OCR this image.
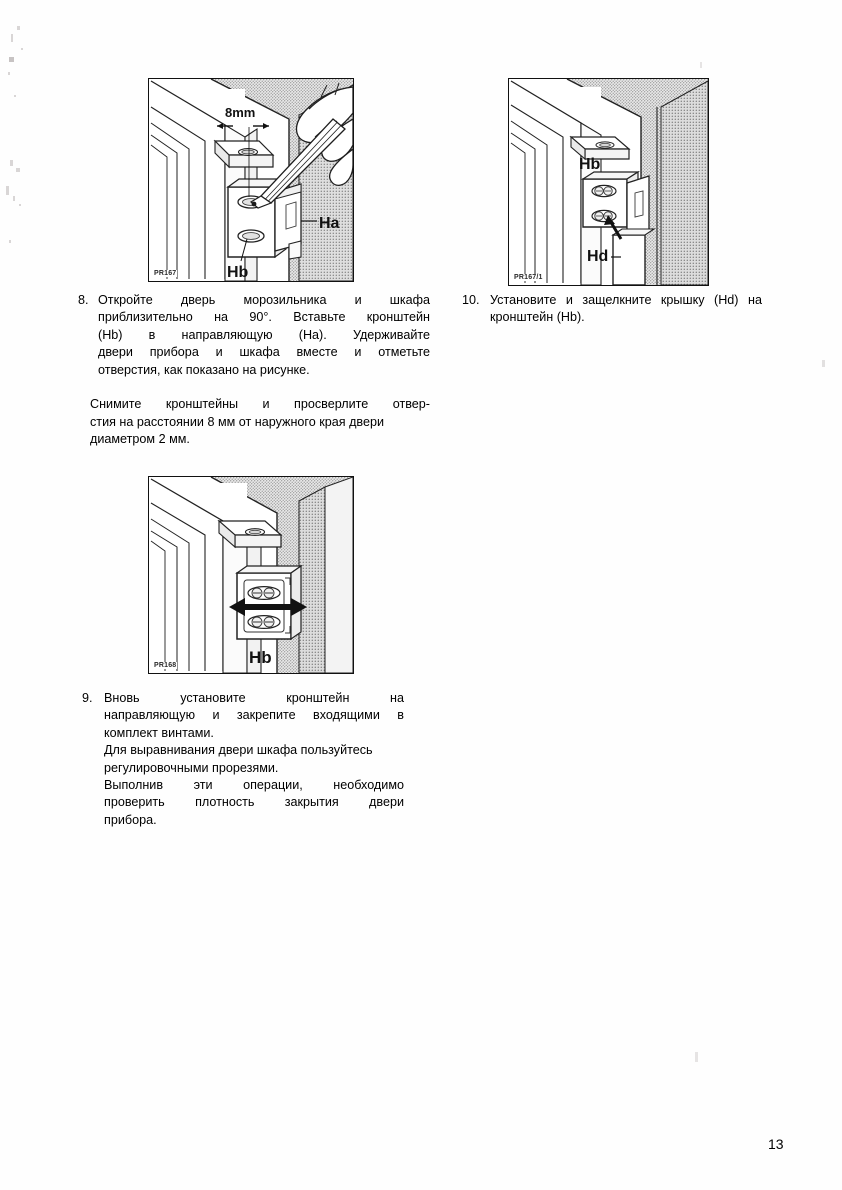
8mm
Ha
Hb
PR167
Hb
Hd
PR167/1
Hb
PR168
8. Откройте дверь морозильника и шкафа
приблизительно на 90°. Вставьте кронштейн
(Hb) в направляющую (Ha). Удерживайте
двери прибора и шкафа вместе и отметьте
отверстия, как показано на рисунке.
Снимите кронштейны и просверлите отвер-
стия на расстоянии 8 мм от наружного края двери
диаметром 2 мм.
10. Установите и защелкните крышку (Hd) на
кронштейн (Hb).
9. Вновь	установите	кронштейн	на
направляющую и закрепите входящими в
комплект винтами.
Для выравнивания двери шкафа пользуйтесь
регулировочными прорезями.
Выполнив эти операции, необходимо
проверить плотность закрытия двери
прибора.
13
